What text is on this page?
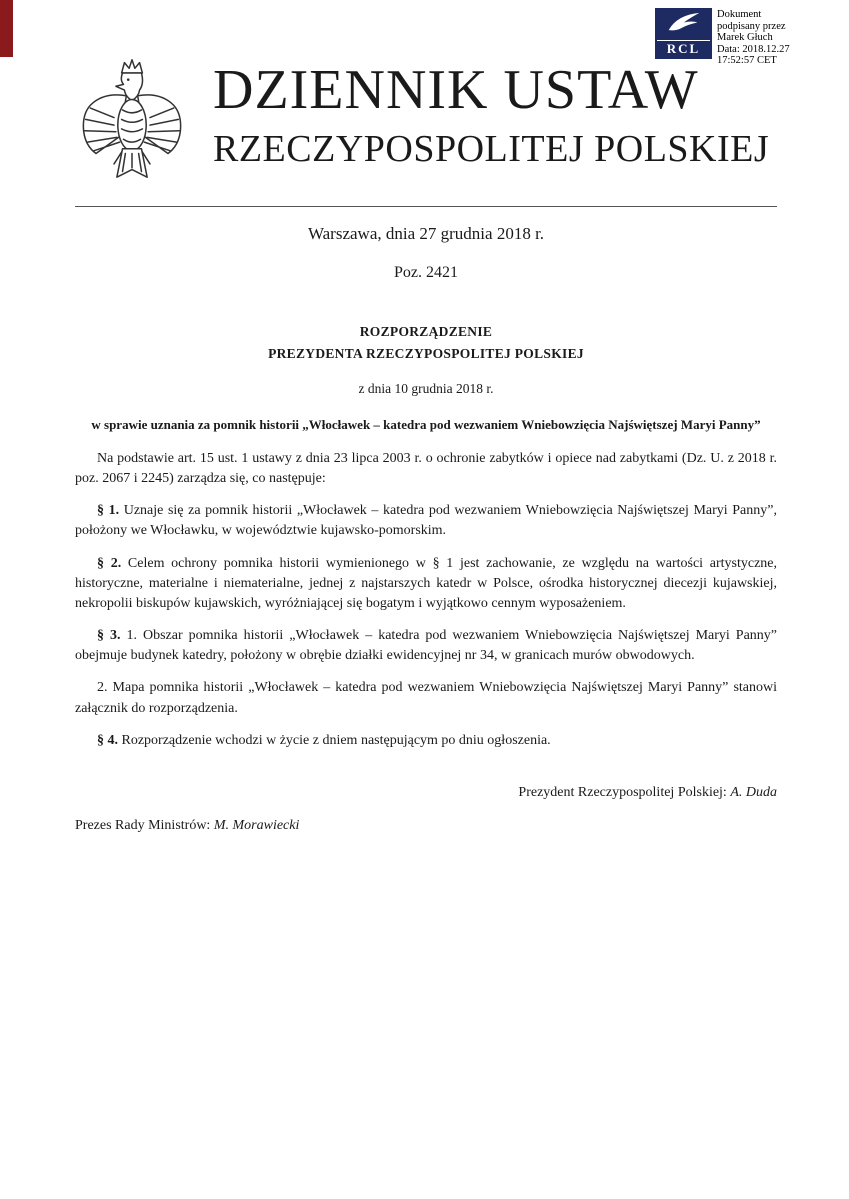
RCL
Dokument
podpisany przez
Marek Głuch
Data: 2018.12.27
17:52:57 CET
DZIENNIK USTAW
RZECZYPOSPOLITEJ POLSKIEJ
Warszawa, dnia 27 grudnia 2018 r.
Poz. 2421
ROZPORZĄDZENIE
PREZYDENTA RZECZYPOSPOLITEJ POLSKIEJ
z dnia 10 grudnia 2018 r.
w sprawie uznania za pomnik historii „Włocławek – katedra pod wezwaniem Wniebowzięcia Najświętszej Maryi Panny”

Na podstawie art. 15 ust. 1 ustawy z dnia 23 lipca 2003 r. o ochronie zabytków i opiece nad zabytkami (Dz. U. z 2018 r. poz. 2067 i 2245) zarządza się, co następuje:

§ 1. Uznaje się za pomnik historii „Włocławek – katedra pod wezwaniem Wniebowzięcia Najświętszej Maryi Panny”, położony we Włocławku, w województwie kujawsko-pomorskim.

§ 2. Celem ochrony pomnika historii wymienionego w § 1 jest zachowanie, ze względu na wartości artystyczne, historyczne, materialne i niematerialne, jednej z najstarszych katedr w Polsce, ośrodka historycznej diecezji kujawskiej, nekropolii biskupów kujawskich, wyróżniającej się bogatym i wyjątkowo cennym wyposażeniem.

§ 3. 1. Obszar pomnika historii „Włocławek – katedra pod wezwaniem Wniebowzięcia Najświętszej Maryi Panny” obejmuje budynek katedry, położony w obrębie działki ewidencyjnej nr 34, w granicach murów obwodowych.

2. Mapa pomnika historii „Włocławek – katedra pod wezwaniem Wniebowzięcia Najświętszej Maryi Panny” stanowi załącznik do rozporządzenia.

§ 4. Rozporządzenie wchodzi w życie z dniem następującym po dniu ogłoszenia.

Prezydent Rzeczypospolitej Polskiej: A. Duda
Prezes Rady Ministrów: M. Morawiecki
